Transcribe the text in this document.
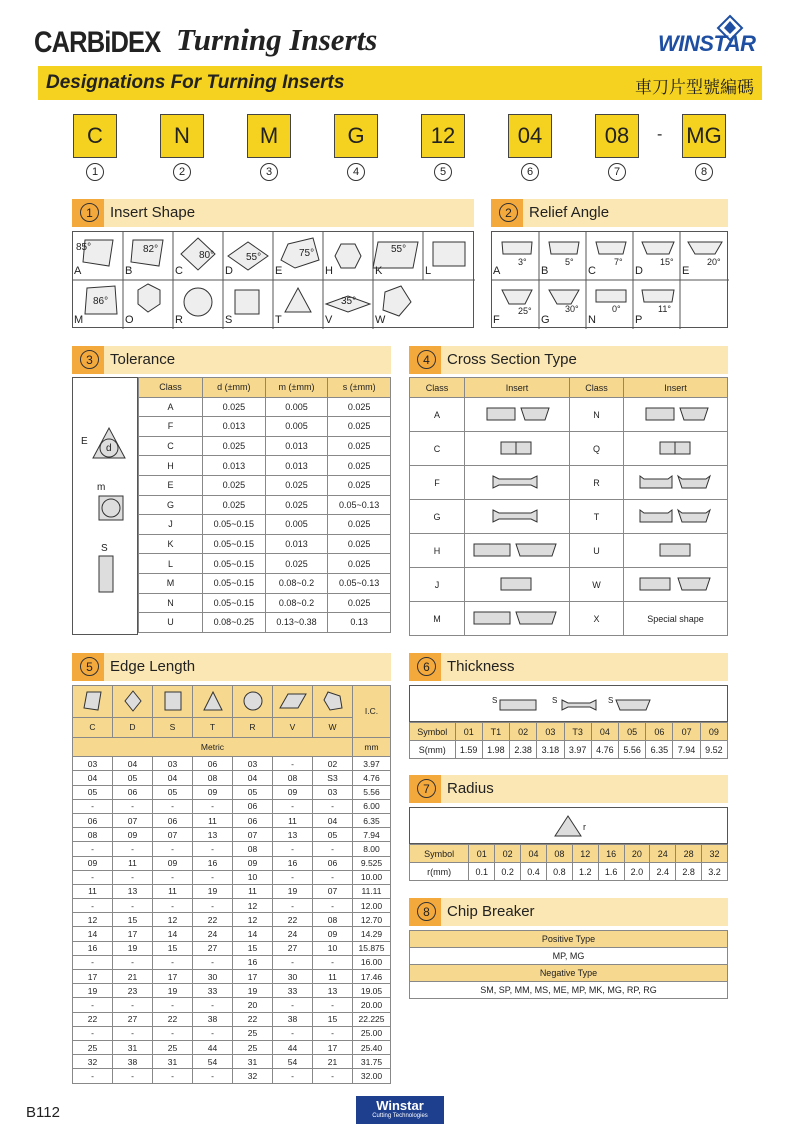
CARBiDEX Turning Inserts	WINSTAR
Designations For Turning Inserts	車刀片型號編碼
C	N	M	G	12	04	08	- MG
1	2	3	4	5	6	7	8
1	Insert Shape
85°	82°
80°	55°	75°	55°
86°	35°
A	B	C	D	E	H	K	L
M	O	R	S	T	V	W
2	Relief Angle
3°	5°	7°	15°	20°
25°	30°	0°	11°
A	B	C	D	E
F	G	N	P
3	Tolerance
E
d
m
S
Class	d (±mm)	m (±mm)	s (±mm)
A	0.025	0.005	0.025
F	0.013	0.005	0.025
C	0.025	0.013	0.025
H	0.013	0.013	0.025
E	0.025	0.025	0.025
G	0.025	0.025	0.05~0.13
J	0.05~0.15	0.005	0.025
K	0.05~0.15	0.013	0.025
L	0.05~0.15	0.025	0.025
M	0.05~0.15	0.08~0.2	0.05~0.13
N	0.05~0.15	0.08~0.2	0.025
U	0.08~0.25	0.13~0.38	0.13
4	Cross Section Type
Class	Insert	Class	Insert
A		N	
C		Q	
F		R	
G		T	
H		U	
J		W	
M		X	Special shape
5	Edge Length
							I.C.
C	D	S	T	R	V	W	
Metric							mm
03	04	03	06	03	-	02	3.97
04	05	04	08	04	08	S3	4.76
05	06	05	09	05	09	03	5.56
-	-	-	-	06	-	-	6.00
06	07	06	11	06	11	04	6.35
08	09	07	13	07	13	05	7.94
-	-	-	-	08	-	-	8.00
09	11	09	16	09	16	06	9.525
-	-	-	-	10	-	-	10.00
11	13	11	19	11	19	07	11.11
-	-	-	-	12	-	-	12.00
12	15	12	22	12	22	08	12.70
14	17	14	24	14	24	09	14.29
16	19	15	27	15	27	10	15.875
-	-	-	-	16	-	-	16.00
17	21	17	30	17	30	11	17.46
19	23	19	33	19	33	13	19.05
-	-	-	-	20	-	-	20.00
22	27	22	38	22	38	15	22.225
-	-	-	-	25	-	-	25.00
25	31	25	44	25	44	17	25.40
32	38	31	54	31	54	21	31.75
-	-	-	-	32	-	-	32.00
6	Thickness
S	S	S
Symbol	01	T1	02	03	T3	04	05	06	07	09
S(mm)	1.59	1.98	2.38	3.18	3.97	4.76	5.56	6.35	7.94	9.52
7	Radius
r
Symbol	01	02	04	08	12	16	20	24	28	32
r(mm)	0.1	0.2	0.4	0.8	1.2	1.6	2.0	2.4	2.8	3.2
8	Chip Breaker
Positive Type
MP, MG
Negative Type
SM, SP, MM, MS, ME, MP, MK, MG, RP, RG
B112	Winstar
Cutting Technologies
